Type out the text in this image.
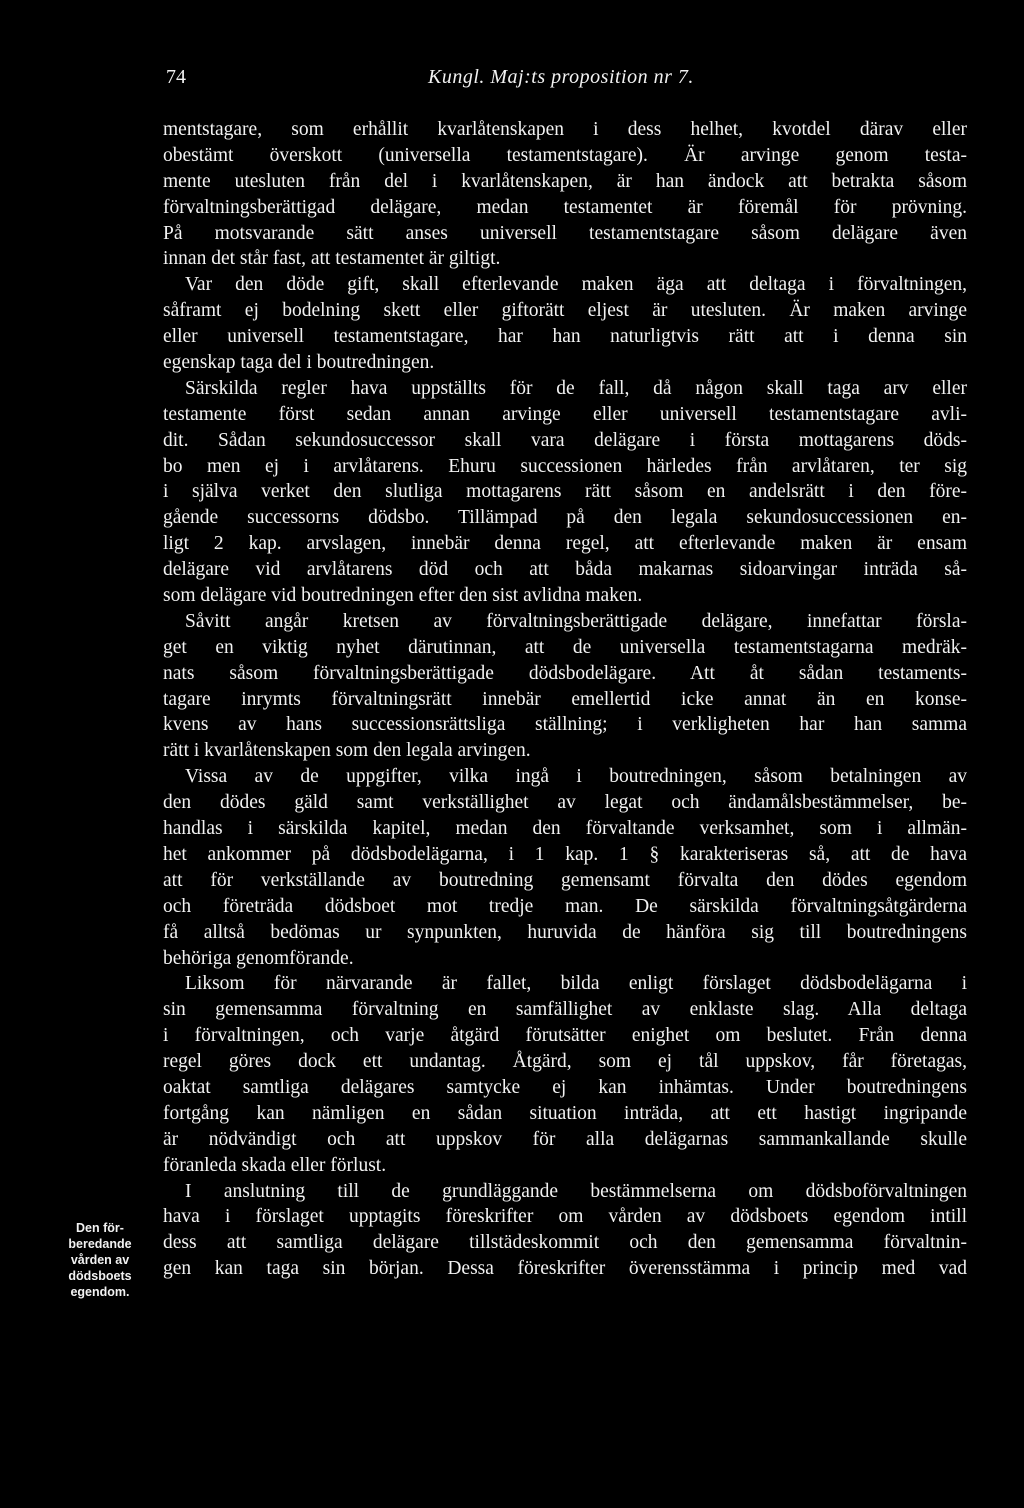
74	Kungl. Maj:ts proposition nr 7.
mentstagare, som erhållit kvarlåtenskapen i dess helhet, kvotdel därav eller
obestämt överskott (universella testamentstagare). Är arvinge genom testa-
mente utesluten från del i kvarlåtenskapen, är han ändock att betrakta såsom
förvaltningsberättigad delägare, medan testamentet är föremål för prövning.
På motsvarande sätt anses universell testamentstagare såsom delägare även
innan det står fast, att testamentet är giltigt.
Var den döde gift, skall efterlevande maken äga att deltaga i förvaltningen,
såframt ej bodelning skett eller giftorätt eljest är utesluten. Är maken arvinge
eller universell testamentstagare, har han naturligtvis rätt att i denna sin
egenskap taga del i boutredningen.
Särskilda regler hava uppställts för de fall, då någon skall taga arv eller
testamente först sedan annan arvinge eller universell testamentstagare avli-
dit. Sådan sekundosuccessor skall vara delägare i första mottagarens döds-
bo men ej i arvlåtarens. Ehuru successionen härledes från arvlåtaren, ter sig
i själva verket den slutliga mottagarens rätt såsom en andelsrätt i den före-
gående successorns dödsbo. Tillämpad på den legala sekundosuccessionen en-
ligt 2 kap. arvslagen, innebär denna regel, att efterlevande maken är ensam
delägare vid arvlåtarens död och att båda makarnas sidoarvingar inträda så-
som delägare vid boutredningen efter den sist avlidna maken.
Såvitt angår kretsen av förvaltningsberättigade delägare, innefattar försla-
get en viktig nyhet därutinnan, att de universella testamentstagarna medräk-
nats såsom förvaltningsberättigade dödsbodelägare. Att åt sådan testaments-
tagare inrymts förvaltningsrätt innebär emellertid icke annat än en konse-
kvens av hans successionsrättsliga ställning; i verkligheten har han samma
rätt i kvarlåtenskapen som den legala arvingen.
Vissa av de uppgifter, vilka ingå i boutredningen, såsom betalningen av
den dödes gäld samt verkställighet av legat och ändamålsbestämmelser, be-
handlas i särskilda kapitel, medan den förvaltande verksamhet, som i allmän-
het ankommer på dödsbodelägarna, i 1 kap. 1 § karakteriseras så, att de hava
att för verkställande av boutredning gemensamt förvalta den dödes egendom
och företräda dödsboet mot tredje man. De särskilda förvaltningsåtgärderna
få alltså bedömas ur synpunkten, huruvida de hänföra sig till boutredningens
behöriga genomförande.
Liksom för närvarande är fallet, bilda enligt förslaget dödsbodelägarna i
sin gemensamma förvaltning en samfällighet av enklaste slag. Alla deltaga
i förvaltningen, och varje åtgärd förutsätter enighet om beslutet. Från denna
regel göres dock ett undantag. Åtgärd, som ej tål uppskov, får företagas,
oaktat samtliga delägares samtycke ej kan inhämtas. Under boutredningens
fortgång kan nämligen en sådan situation inträda, att ett hastigt ingripande
är nödvändigt och att uppskov för alla delägarnas sammankallande skulle
föranleda skada eller förlust.
I anslutning till de grundläggande bestämmelserna om dödsboförvaltningen
hava i förslaget upptagits föreskrifter om vården av dödsboets egendom intill
dess att samtliga delägare tillstädeskommit och den gemensamma förvaltnin-
gen kan taga sin början. Dessa föreskrifter överensstämma i princip med vad
Den för-
beredande
vården av
dödsboets
egendom.
